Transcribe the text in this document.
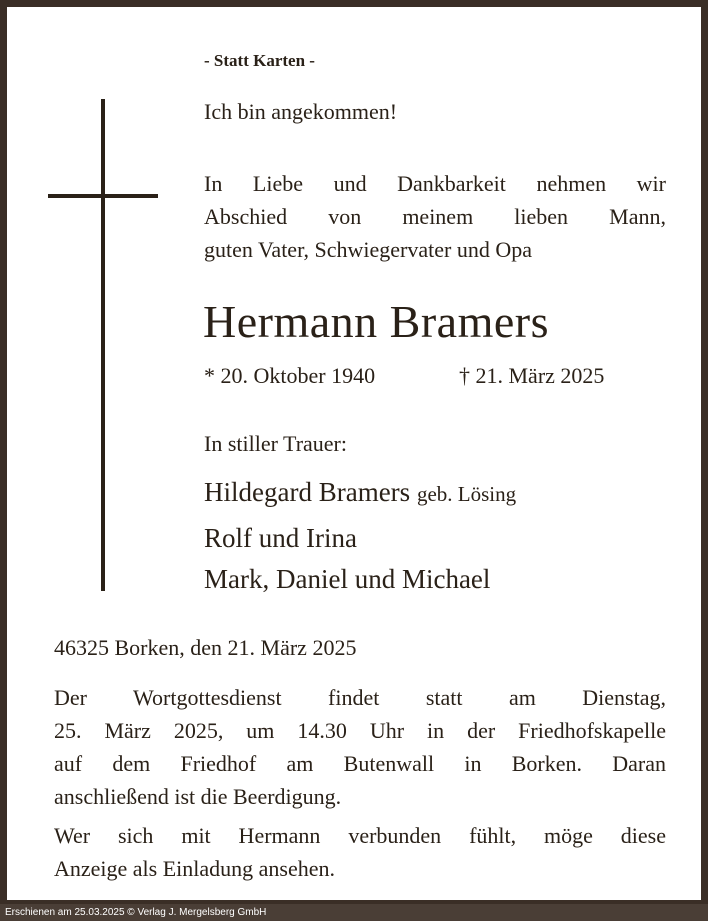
- Statt Karten -
Ich bin angekommen!
In Liebe und Dankbarkeit nehmen wir
Abschied von meinem lieben Mann,
guten Vater, Schwiegervater und Opa
Hermann Bramers
* 20. Oktober 1940	† 21. März 2025
In stiller Trauer:
Hildegard Bramers geb. Lösing
Rolf und Irina
Mark, Daniel und Michael
46325 Borken, den 21. März 2025
Der Wortgottesdienst findet statt am Dienstag,
25. März 2025, um 14.30 Uhr in der Friedhofskapelle
auf dem Friedhof am Butenwall in Borken. Daran
anschließend ist die Beerdigung.
Wer sich mit Hermann verbunden fühlt, möge diese
Anzeige als Einladung ansehen.
Erschienen am 25.03.2025 © Verlag J. Mergelsberg GmbH
